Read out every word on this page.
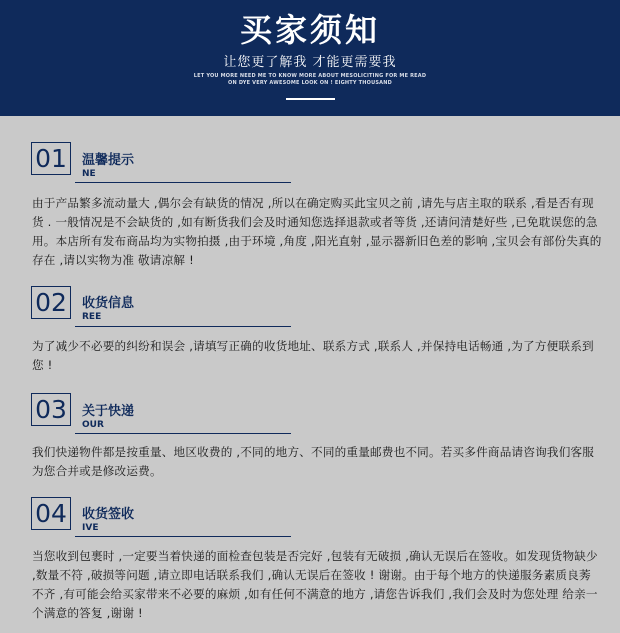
买家须知
让您更了解我 才能更需要我
LET YOU MORE NEED ME TO KNOW MORE ABOUT MESOLICITING FOR ME READ
ON DYE VERY AWESOME LOOK ON ! EIGHTY THOUSAND
01	温馨提示
NE
由于产品繁多流动量大 ,偶尔会有缺货的情况 ,所以在确定购买此宝贝之前 ,请先与店主取的联系 ,看是否有现货 . 一般情况是不会缺货的 ,如有断货我们会及时通知您选择退款或者等货 ,还请问清楚好些 ,已免耽误您的急用。本店所有发布商品均为实物拍摄 ,由于环境 ,角度 ,阳光直射 ,显示器新旧色差的影响 ,宝贝会有部份失真的存在 ,请以实物为准 敬请凉解 !
02	收货信息
REE
为了减少不必要的纠纷和误会 ,请填写正确的收货地址、联系方式 ,联系人 ,并保持电话畅通 ,为了方便联系到您 !
03	关于快递
OUR
我们快递物件都是按重量、地区收费的 ,不同的地方、不同的重量邮费也不同。若买多件商品请咨询我们客服 为您合并或是修改运费。
04	收货签收
IVE
当您收到包裹时 ,一定要当着快递的面检查包装是否完好 ,包装有无破损 ,确认无误后在签收。如发现货物缺少 ,数量不符 ,破损等问题 ,请立即电话联系我们 ,确认无误后在签收 ! 谢谢。由于每个地方的快递服务素质良莠不齐 ,有可能会给买家带来不必要的麻烦 ,如有任何不满意的地方 ,请您告诉我们 ,我们会及时为您处理 给亲一个满意的答复 ,谢谢 !
